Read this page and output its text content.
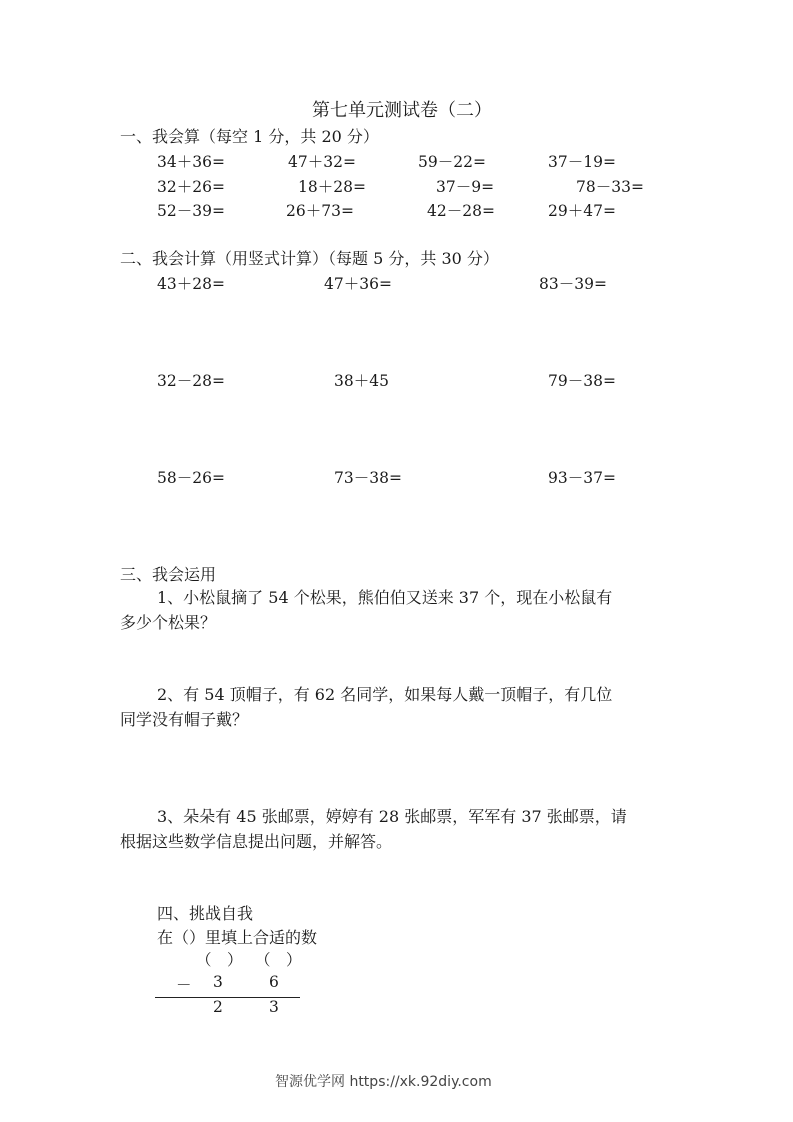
第七单元测试卷（二）
一、我会算（每空 1 分，共 20 分）
34＋36=	47＋32=	59－22=	37－19=
32＋26=	18＋28=	37－9=	78－33=
52－39=	26＋73=	42－28=	29＋47=
二、我会计算（用竖式计算）（每题 5 分，共 30 分）
43＋28=	47＋36=	83－39=
32－28=	38＋45	79－38=
58－26=	73－38=	93－37=
三、我会运用
1、小松鼠摘了 54 个松果，熊伯伯又送来 37 个，现在小松鼠有
多少个松果？
2、有 54 顶帽子，有 62 名同学，如果每人戴一顶帽子，有几位
同学没有帽子戴？
3、朵朵有 45 张邮票，婷婷有 28 张邮票，军军有 37 张邮票，请
根据这些数学信息提出问题，并解答。
四、挑战自我
在（）里填上合适的数
（　） （　）
－ 3	6
2	3
智源优学网 https://xk.92diy.com
